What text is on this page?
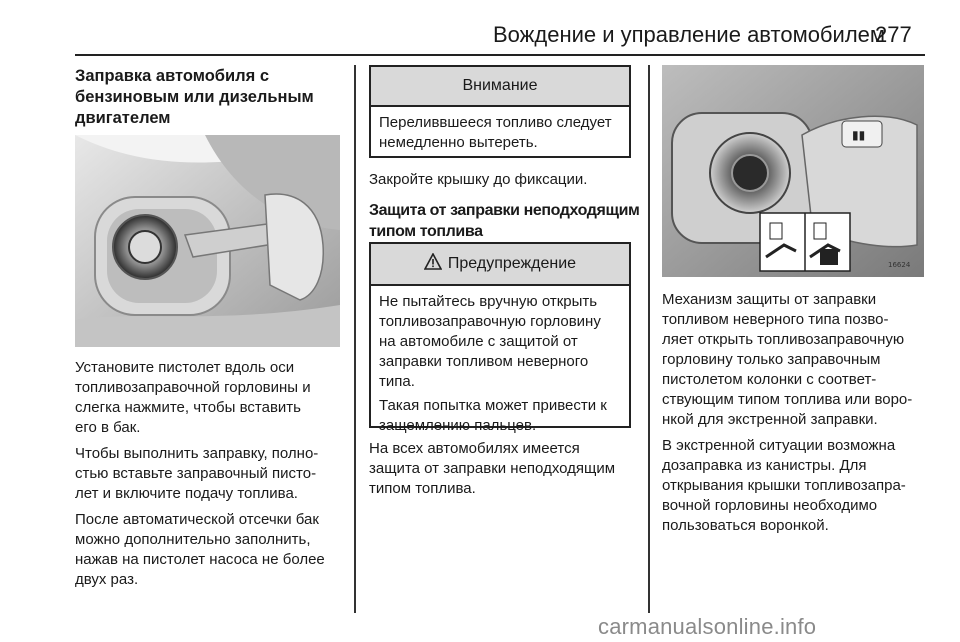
Вождение и управление автомобилем
277
Заправка автомобиля с
бензиновым или дизельным
двигателем

Установите пистолет вдоль оси
топливозаправочной горловины и
слегка нажмите, чтобы вставить
его в бак.

Чтобы выполнить заправку, полно-
стью вставьте заправочный писто-
лет и включите подачу топлива.

После автоматической отсечки бак
можно дополнительно заполнить,
нажав на пистолет насоса не более
двух раз.

Внимание
Переливвшееся топливо следует
немедленно вытереть.
Закройте крышку до фиксации.
Защита от заправки неподходящим
типом топлива
Предупреждение

Не пытайтесь вручную открыть
топливозаправочную горловину
на автомобиле с защитой от
заправки топливом неверного
типа.

Такая попытка может привести к
защемлению пальцев.

На всех автомобилях имеется
защита от заправки неподходящим
типом топлива.
▮▮
16624

Механизм защиты от заправки
топливом неверного типа позво-
ляет открыть топливозаправочную
горловину только заправочным
пистолетом колонки с соответ-
ствующим типом топлива или воро-
нкой для экстренной заправки.

В экстренной ситуации возможна
дозаправка из канистры. Для
открывания крышки топливозапра-
вочной горловины необходимо
пользоваться воронкой.

carmanualsonline.info
